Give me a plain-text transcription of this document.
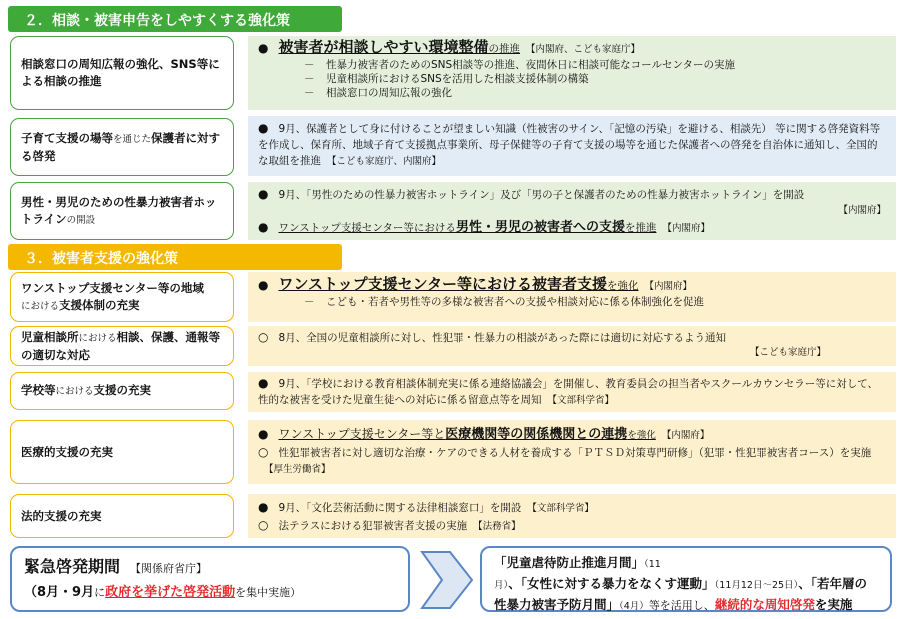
２．相談・被害申告をしやすくする強化策
相談窓口の周知広報の強化、SNS等による相談の推進
● 被害者が相談しやすい環境整備の推進 【内閣府、こども家庭庁】
－ 性暴力被害者のためのSNS相談等の推進、夜間休日に相談可能なコールセンターの実施
－ 児童相談所におけるSNSを活用した相談支援体制の構築
－ 相談窓口の周知広報の強化
子育て支援の場等を通じた保護者に対する啓発
● 9月、保護者として身に付けることが望ましい知識（性被害のサイン、「記憶の汚染」を避ける、相談先） 等に関する啓発資料等を作成し、保育所、地域子育て支援拠点事業所、母子保健等の子育て支援の場等を通じた保護者への啓発を自治体に通知し、全国的な取組を推進 【こども家庭庁、内閣府】
男性・男児のための性暴力被害者ホットラインの開設
● 9月、「男性のための性暴力被害ホットライン」及び「男の子と保護者のための性暴力被害ホットライン」を開設
【内閣府】
● ワンストップ支援センター等における男性・男児の被害者への支援を推進 【内閣府】
３．被害者支援の強化策
ワンストップ支援センター等の地域
における支援体制の充実
● ワンストップ支援センター等における被害者支援を強化 【内閣府】
－ こども・若者や男性等の多様な被害者への支援や相談対応に係る体制強化を促進
児童相談所における相談、保護、通報等の適切な対応
○ 8月、全国の児童相談所に対し、性犯罪・性暴力の相談があった際には適切に対応するよう通知
【こども家庭庁】
学校等における支援の充実	● 9月、「学校における教育相談体制充実に係る連絡協議会」を開催し、教育委員会の担当者やスクールカウンセラー等に対して、性的な被害を受けた児童生徒への対応に係る留意点等を周知 【文部科学省】
医療的支援の充実
● ワンストップ支援センター等と医療機関等の関係機関との連携を強化 【内閣府】
○ 性犯罪被害者に対し適切な治療・ケアのできる人材を養成する「ＰＴＳＤ対策専門研修」（犯罪・性犯罪被害者コース）を実施【厚生労働省】
法的支援の充実
● 9月、「文化芸術活動に関する法律相談窓口」を開設 【文部科学省】
○ 法テラスにおける犯罪被害者支援の実施 【法務省】
緊急啓発期間 【関係府省庁】
（8月・9月に政府を挙げた啓発活動を集中実施）
「児童虐待防止推進月間」（11月）、「女性に対する暴力をなくす運動」（11月12日～25日）、「若年層の性暴力被害予防月間」（4月）等を活用し、継続的な周知啓発を実施
